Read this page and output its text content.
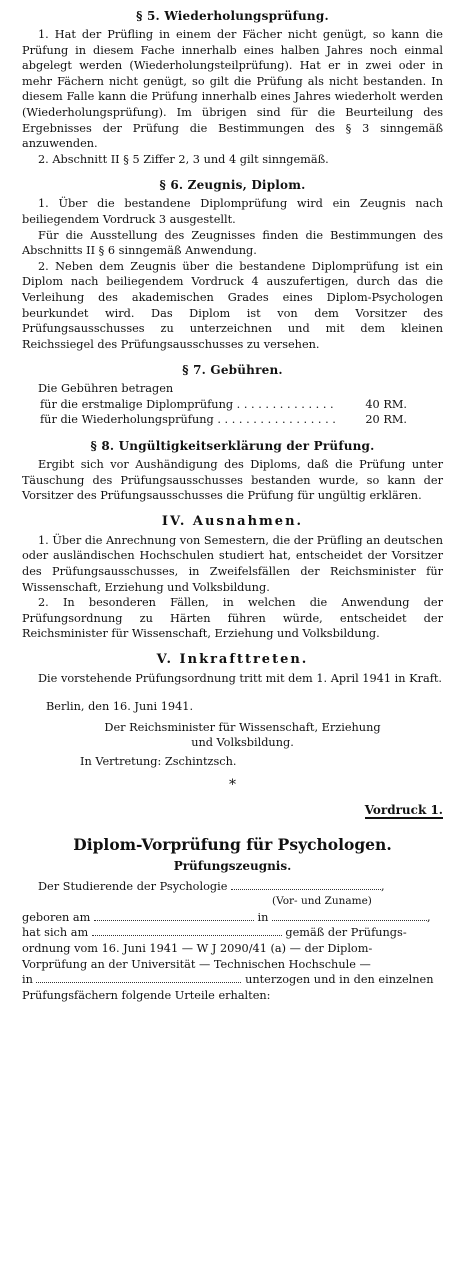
§ 5. Wiederholungsprüfung.

1. Hat der Prüfling in einem der Fächer nicht genügt, so kann die Prüfung in diesem Fache innerhalb eines halben Jahres noch einmal abgelegt werden (Wiederholungsteilprüfung). Hat er in zwei oder in mehr Fächern nicht genügt, so gilt die Prüfung als nicht bestanden. In diesem Falle kann die Prüfung innerhalb eines Jahres wiederholt werden (Wiederholungsprüfung). Im übrigen sind für die Beurteilung des Ergebnisses der Prüfung die Bestimmungen des § 3 sinngemäß anzuwenden.

2. Abschnitt II § 5 Ziffer 2, 3 und 4 gilt sinngemäß.

§ 6. Zeugnis, Diplom.

1. Über die bestandene Diplomprüfung wird ein Zeugnis nach beiliegendem Vordruck 3 ausgestellt.

Für die Ausstellung des Zeugnisses finden die Bestimmungen des Abschnitts II § 6 sinngemäß Anwendung.

2. Neben dem Zeugnis über die bestandene Diplomprüfung ist ein Diplom nach beiliegendem Vordruck 4 auszufertigen, durch das die Verleihung des akademischen Grades eines Diplom-Psychologen beurkundet wird. Das Diplom ist von dem Vorsitzer des Prüfungsausschusses zu unterzeichnen und mit dem kleinen Reichssiegel des Prüfungsausschusses zu versehen.

§ 7. Gebühren.

Die Gebühren betragen

für die erstmalige Diplomprüfung . . .	40 RM.
für die Wiederholungsprüfung . . .	20 RM.
§ 8. Ungültigkeitserklärung der Prüfung.

Ergibt sich vor Aushändigung des Diploms, daß die Prüfung unter Täuschung des Prüfungsausschusses bestanden wurde, so kann der Vorsitzer des Prüfungsausschusses die Prüfung für ungültig erklären.

IV. Ausnahmen.

1. Über die Anrechnung von Semestern, die der Prüfling an deutschen oder ausländischen Hochschulen studiert hat, entscheidet der Vorsitzer des Prüfungsausschusses, in Zweifelsfällen der Reichsminister für Wissenschaft, Erziehung und Volksbildung.

2. In besonderen Fällen, in welchen die Anwendung der Prüfungsordnung zu Härten führen würde, entscheidet der Reichsminister für Wissenschaft, Erziehung und Volksbildung.

V. Inkrafttreten.

Die vorstehende Prüfungsordnung tritt mit dem 1. April 1941 in Kraft.

Berlin, den 16. Juni 1941.
Der Reichsminister für Wissenschaft, Erziehung
und Volksbildung.
In Vertretung: Zschintzsch.
*
Vordruck 1.
Diplom-Vorprüfung für Psychologen.
Prüfungszeugnis.
Der Studierende der Psychologie	,
(Vor- und Zuname)
geboren am	in	,
hat sich am	gemäß der Prüfungs-
ordnung vom 16. Juni 1941 — W J 2090/41 (a) — der Diplom-
Vorprüfung an der Universität — Technischen Hochschule —
in	unterzogen und in den einzelnen
Prüfungsfächern folgende Urteile erhalten:
